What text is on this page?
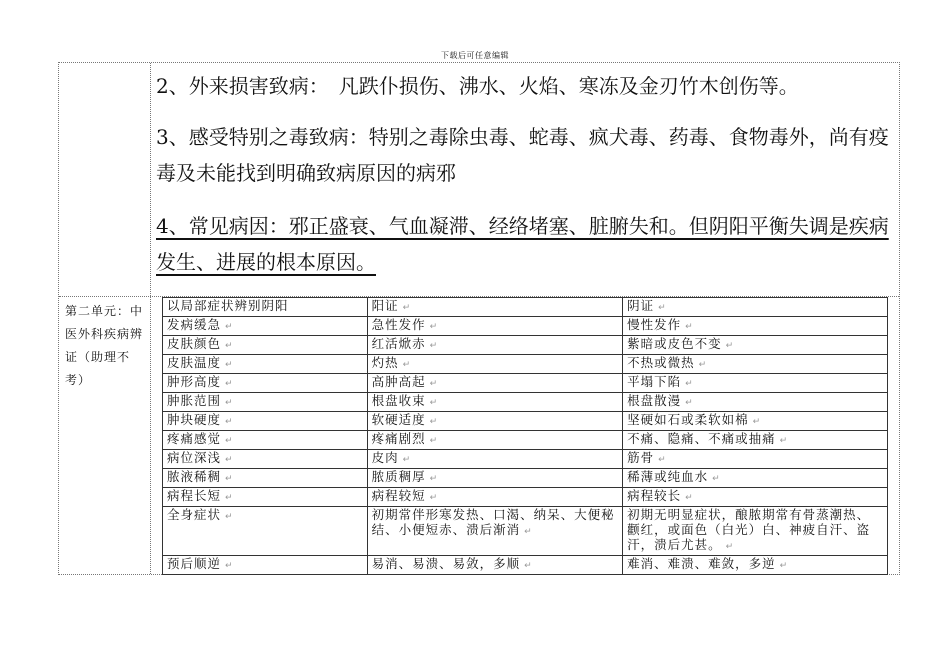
下载后可任意编辑

2、外来损害致病：　凡跌仆损伤、沸水、火焰、寒冻及金刃竹木创伤等。

3、感受特别之毒致病：特别之毒除虫毒、蛇毒、疯犬毒、药毒、食物毒外，尚有疫毒及未能找到明确致病原因的病邪

4、常见病因：邪正盛衰、气血凝滞、经络堵塞、脏腑失和。但阴阳平衡失调是疾病发生、进展的根本原因。

第二单元：中医外科疾病辨证（助理不考）
以局部症状辨别阴阳	阳证 ↵	阴证 ↵
发病缓急 ↵	急性发作 ↵	慢性发作 ↵
皮肤颜色 ↵	红活焮赤 ↵	紫暗或皮色不变 ↵
皮肤温度 ↵	灼热 ↵	不热或微热 ↵
肿形高度 ↵	高肿高起 ↵	平塌下陷 ↵
肿胀范围 ↵	根盘收束 ↵	根盘散漫 ↵
肿块硬度 ↵	软硬适度 ↵	坚硬如石或柔软如棉 ↵
疼痛感觉 ↵	疼痛剧烈 ↵	不痛、隐痛、不痛或抽痛 ↵
病位深浅 ↵	皮肉 ↵	筋骨 ↵
脓液稀稠 ↵	脓质稠厚 ↵	稀薄或纯血水 ↵
病程长短 ↵	病程较短 ↵	病程较长 ↵
全身症状 ↵	初期常伴形寒发热、口渴、纳呆、大便秘结、小便短赤、溃后渐消 ↵	初期无明显症状，酿脓期常有骨蒸潮热、颧红，或面色（白光）白、神疲自汗、盗汗，溃后尤甚。 ↵
预后顺逆 ↵	易消、易溃、易敛，多顺 ↵	难消、难溃、难敛，多逆 ↵
